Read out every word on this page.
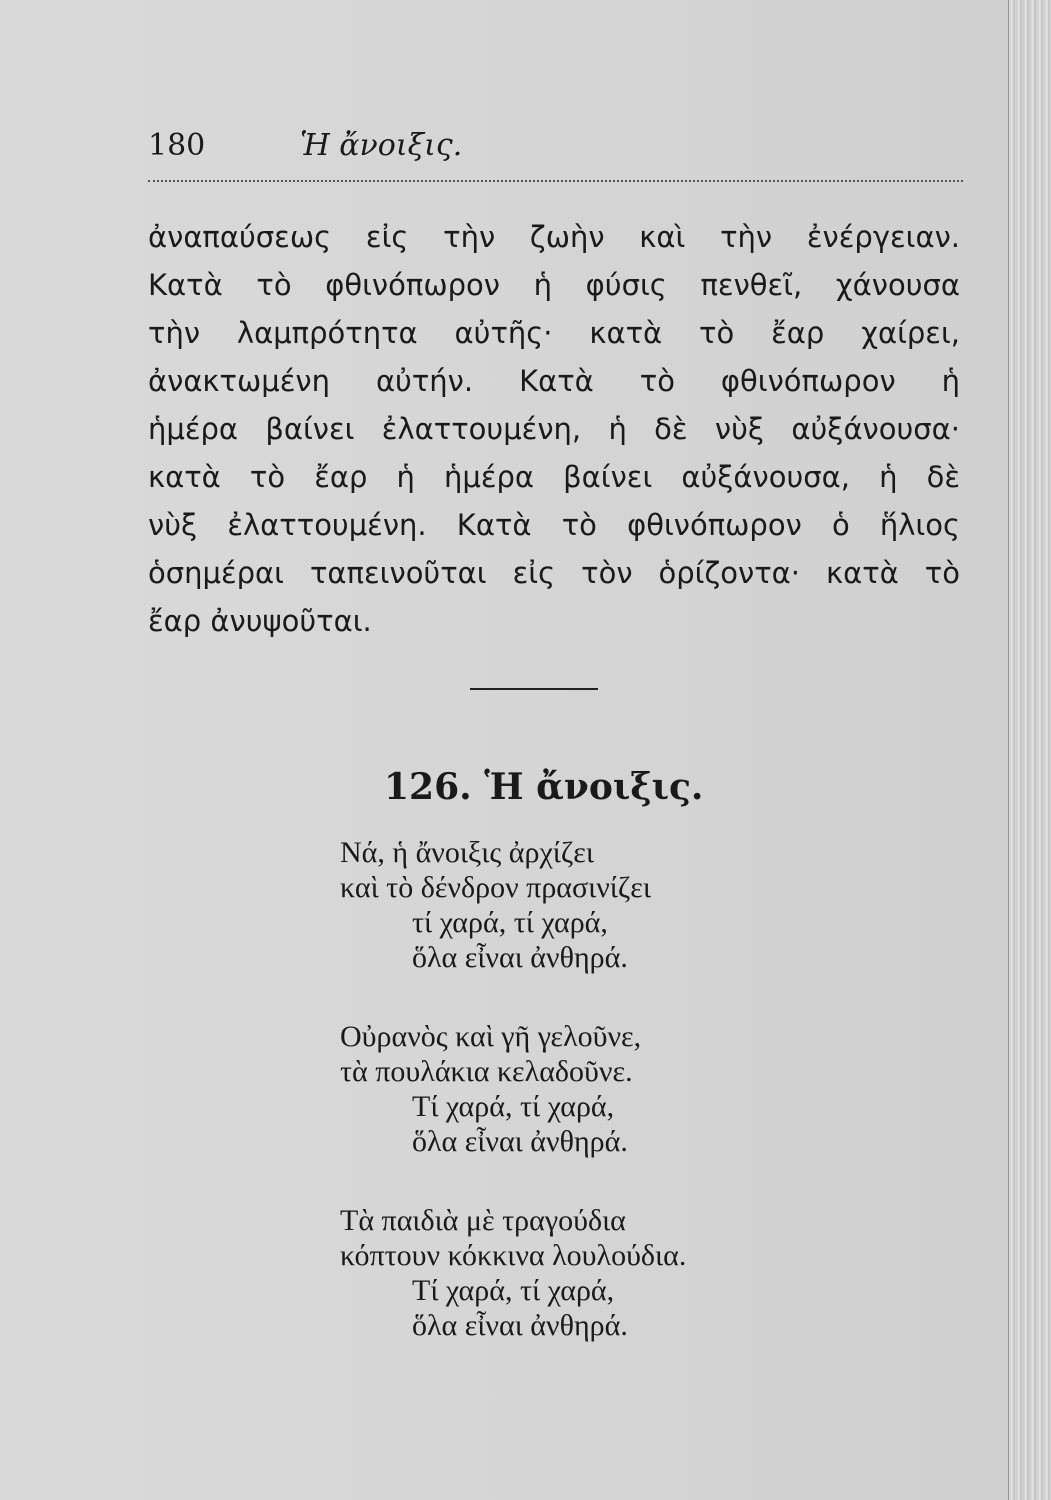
180	Ἡ ἄνοιξις.
ἀναπαύσεως εἰς τὴν ζωὴν καὶ τὴν ἐνέργειαν.
Κατὰ τὸ φθινόπωρον ἡ φύσις πενθεῖ, χάνουσα
τὴν λαμπρότητα αὐτῆς· κατὰ τὸ ἔαρ χαίρει,
ἀνακτωμένη αὐτήν. Κατὰ τὸ φθινόπωρον ἡ
ἡμέρα βαίνει ἐλαττουμένη, ἡ δὲ νὺξ αὐξάνουσα·
κατὰ τὸ ἔαρ ἡ ἡμέρα βαίνει αὐξάνουσα, ἡ δὲ
νὺξ ἐλαττουμένη. Κατὰ τὸ φθινόπωρον ὁ ἥλιος
ὁσημέραι ταπεινοῦται εἰς τὸν ὁρίζοντα· κατὰ τὸ
ἔαρ ἀνυψοῦται.
126. Ἡ ἄνοιξις.
Νά, ἡ ἄνοιξις ἀρχίζει
καὶ τὸ δένδρον πρασινίζει
τί χαρά, τί χαρά,
ὅλα εἶναι ἀνθηρά.
Οὐρανὸς καὶ γῆ γελοῦνε,
τὰ πουλάκια κελαδοῦνε.
Τί χαρά, τί χαρά,
ὅλα εἶναι ἀνθηρά.
Τὰ παιδιὰ μὲ τραγούδια
κόπτουν κόκκινα λουλούδια.
Τί χαρά, τί χαρά,
ὅλα εἶναι ἀνθηρά.
